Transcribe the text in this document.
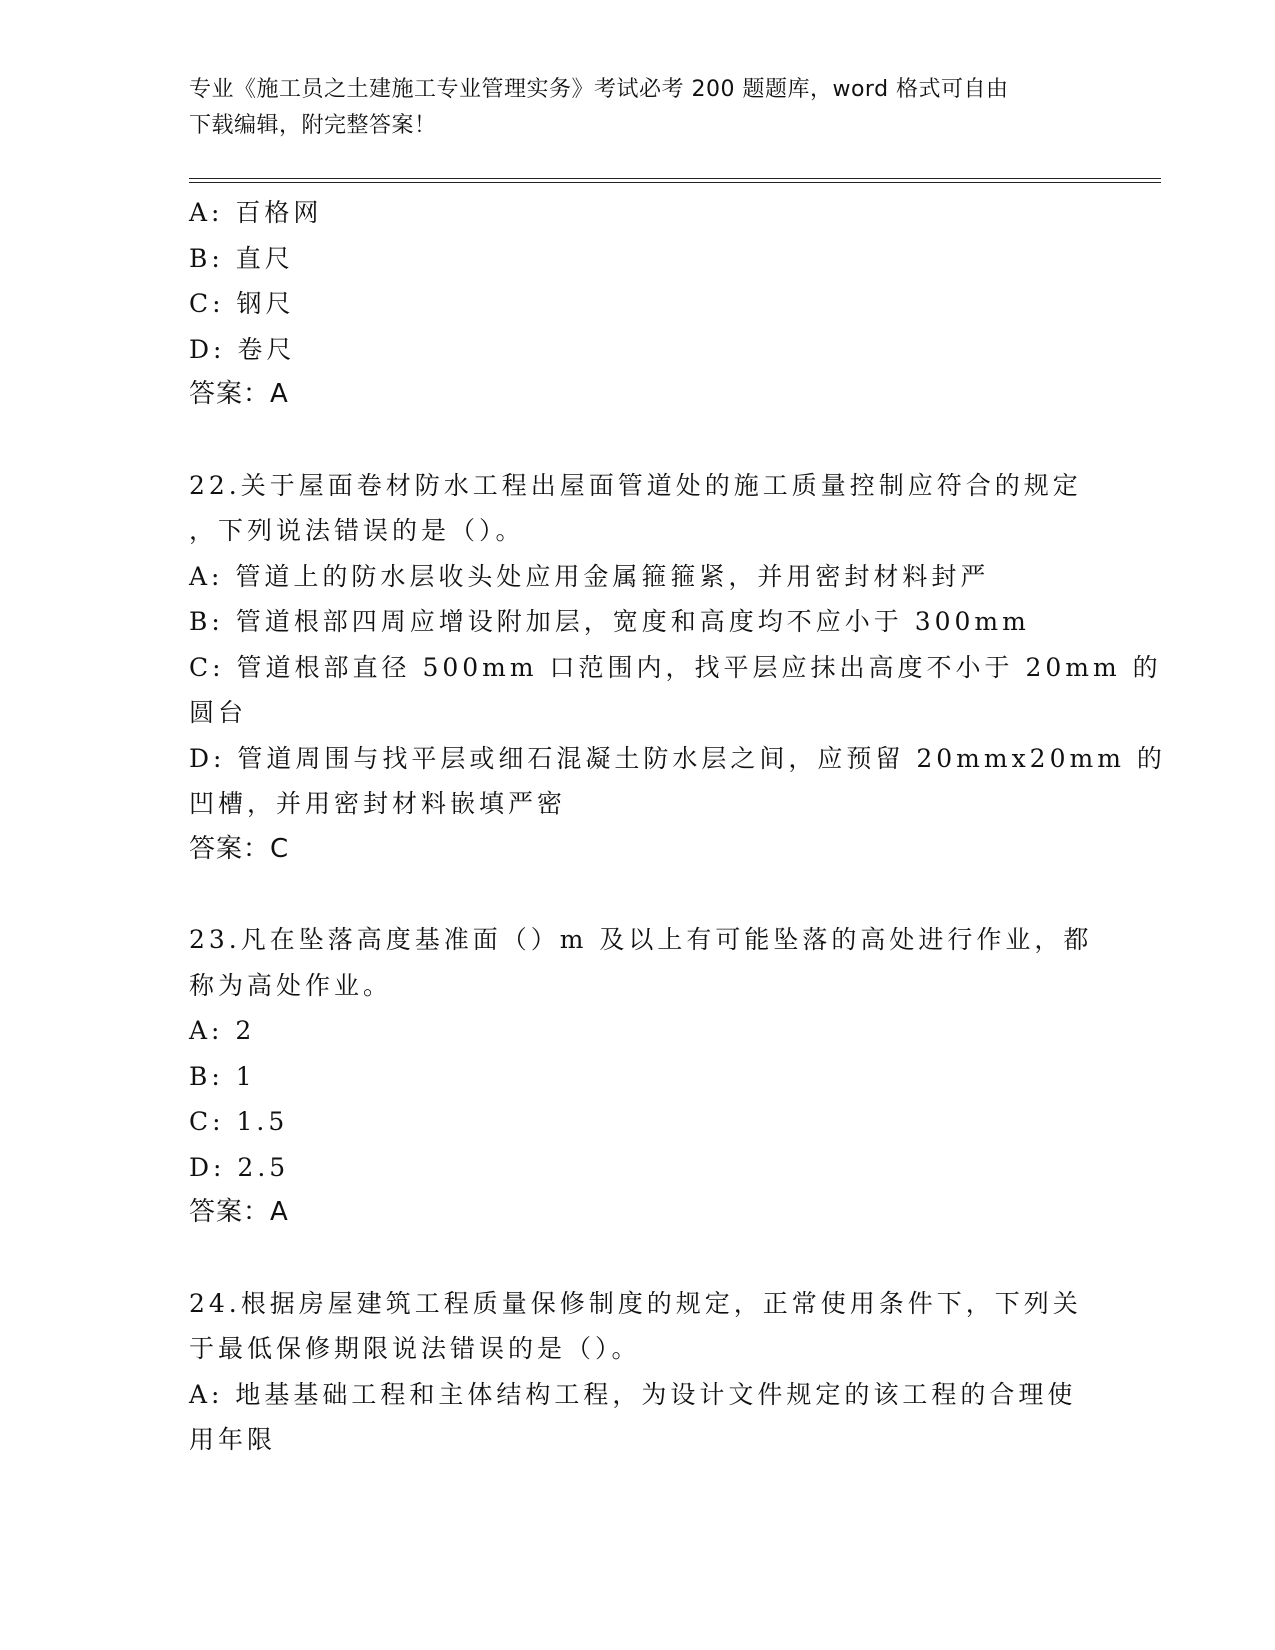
专业《施工员之土建施工专业管理实务》考试必考 200 题题库，word 格式可自由
下载编辑，附完整答案！
A: 百格网
B: 直尺
C: 钢尺
D: 卷尺
答案：A
22.关于屋面卷材防水工程出屋面管道处的施工质量控制应符合的规定
，下列说法错误的是（）。
A: 管道上的防水层收头处应用金属箍箍紧，并用密封材料封严
B: 管道根部四周应增设附加层，宽度和高度均不应小于 300mm
C: 管道根部直径 500mm 口范围内，找平层应抹出高度不小于 20mm 的
圆台
D: 管道周围与找平层或细石混凝土防水层之间，应预留 20mmx20mm 的
凹槽，并用密封材料嵌填严密
答案：C
23.凡在坠落高度基准面（）m 及以上有可能坠落的高处进行作业，都
称为高处作业。
A: 2
B: 1
C: 1.5
D: 2.5
答案：A
24.根据房屋建筑工程质量保修制度的规定，正常使用条件下，下列关
于最低保修期限说法错误的是（）。
A: 地基基础工程和主体结构工程，为设计文件规定的该工程的合理使
用年限
